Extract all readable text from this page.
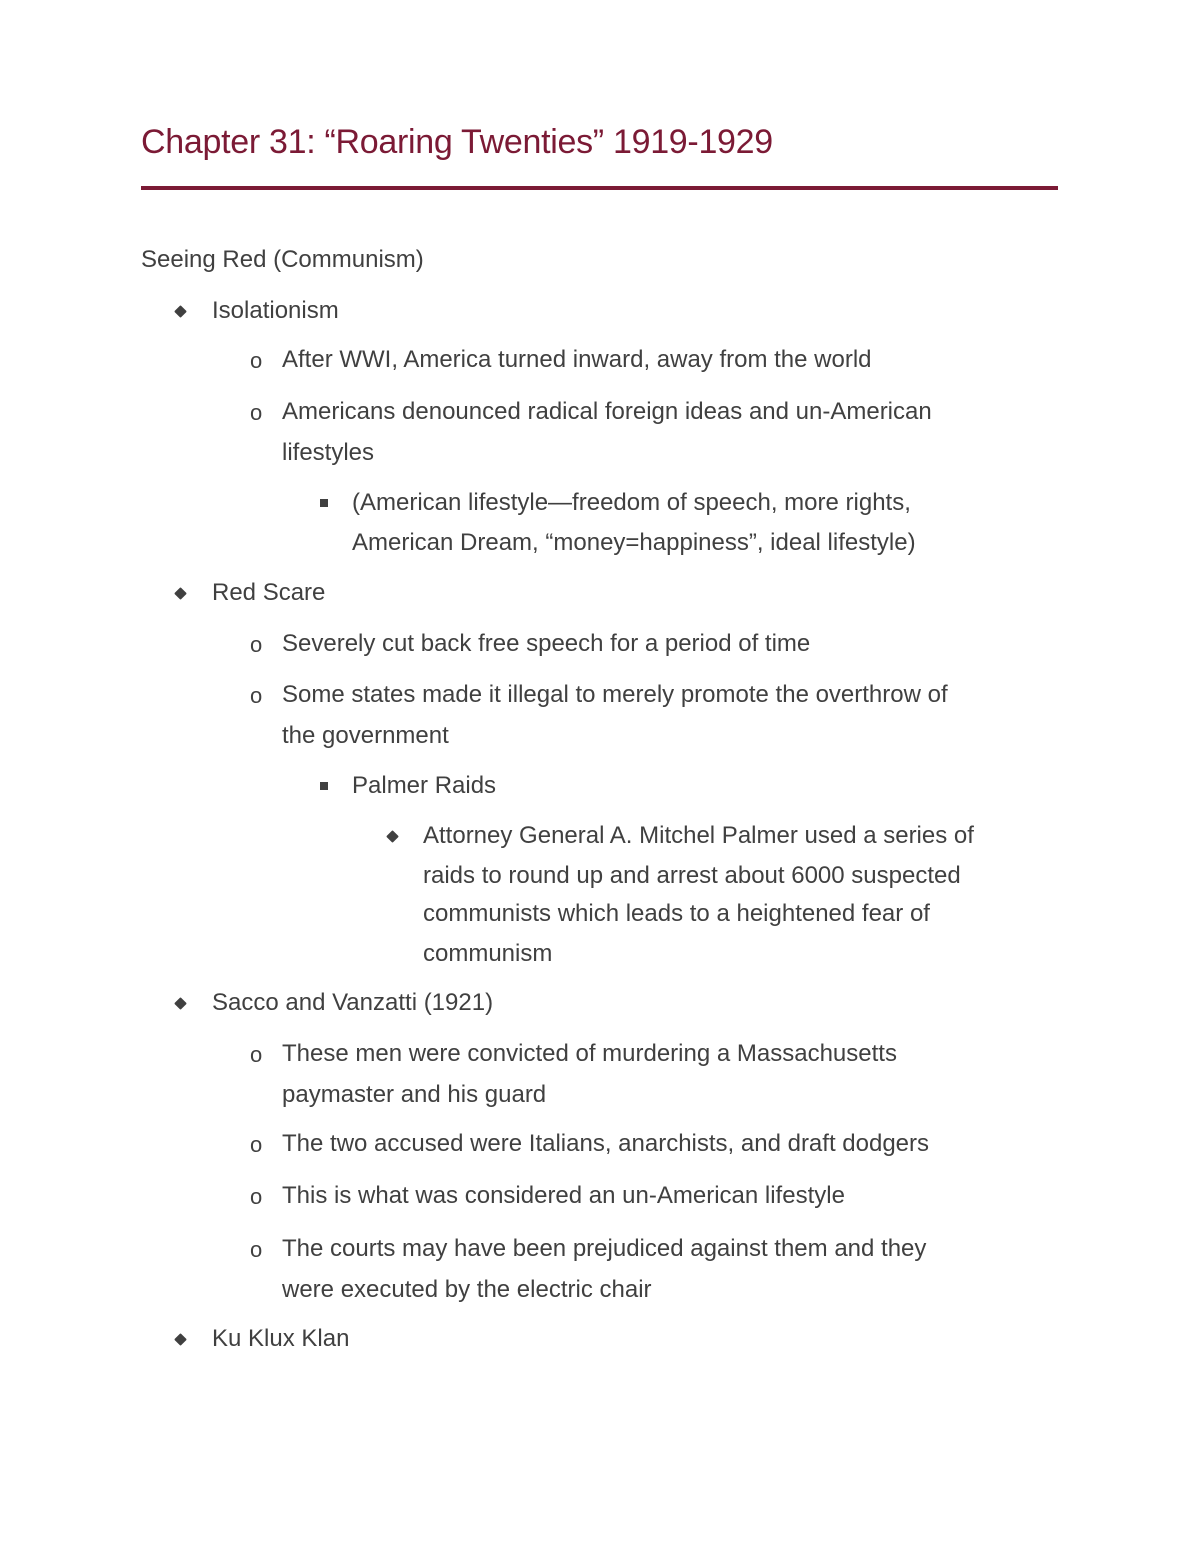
Chapter 31: “Roaring Twenties” 1919-1929
Seeing Red (Communism)
Isolationism
After WWI, America turned inward, away from the world
o
Americans denounced radical foreign ideas and un-American
o
lifestyles
(American lifestyle—freedom of speech, more rights,
American Dream, “money=happiness”, ideal lifestyle)
Red Scare
Severely cut back free speech for a period of time
o
Some states made it illegal to merely promote the overthrow of
o
the government
Palmer Raids
Attorney General A. Mitchel Palmer used a series of
raids to round up and arrest about 6000 suspected
communists which leads to a heightened fear of
communism
Sacco and Vanzatti (1921)
These men were convicted of murdering a Massachusetts
o
paymaster and his guard
The two accused were Italians, anarchists, and draft dodgers
o
This is what was considered an un-American lifestyle
o
The courts may have been prejudiced against them and they
o
were executed by the electric chair
Ku Klux Klan
